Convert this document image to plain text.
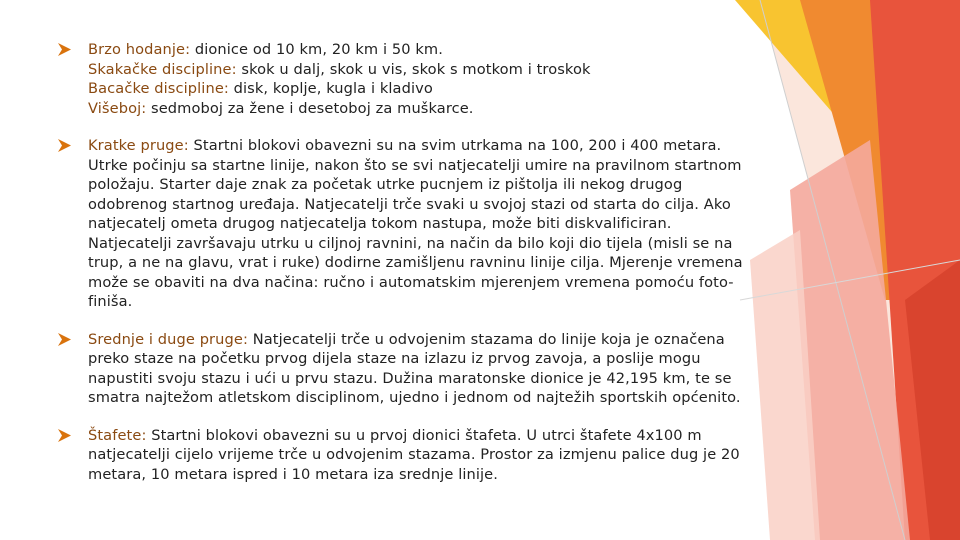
Brzo hodanje: dionice od 10 km, 20 km i 50 km.
Skakačke discipline: skok u dalj, skok u vis, skok s motkom i troskok
Bacačke discipline: disk, koplje, kugla i kladivo
Višeboj: sedmoboj za žene i desetoboj za muškarce.
Kratke pruge: Startni blokovi obavezni su na svim utrkama na 100, 200 i 400 metara. Utrke počinju sa startne linije, nakon što se svi natjecatelji umire na pravilnom startnom položaju. Starter daje znak za početak utrke pucnjem iz pištolja ili nekog drugog odobrenog startnog uređaja. Natjecatelji trče svaki u svojoj stazi od starta do cilja. Ako natjecatelj ometa drugog natjecatelja tokom nastupa, može biti diskvalificiran. Natjecatelji završavaju utrku u ciljnoj ravnini, na način da bilo koji dio tijela (misli se na trup, a ne na glavu, vrat i ruke) dodirne zamišljenu ravninu linije cilja. Mjerenje vremena može se obaviti na dva načina: ručno i automatskim mjerenjem vremena pomoću foto-finiša.
Srednje i duge pruge: Natjecatelji trče u odvojenim stazama do linije koja je označena preko staze na početku prvog dijela staze na izlazu iz prvog zavoja, a poslije mogu napustiti svoju stazu i ući u prvu stazu. Dužina maratonske dionice je 42,195 km, te se smatra najtežom atletskom disciplinom, ujedno i jednom od najtežih sportskih općenito.
Štafete: Startni blokovi obavezni su u prvoj dionici štafeta. U utrci štafete 4x100 m natjecatelji cijelo vrijeme trče u odvojenim stazama. Prostor za izmjenu palice dug je 20 metara, 10 metara ispred i 10 metara iza srednje linije.
